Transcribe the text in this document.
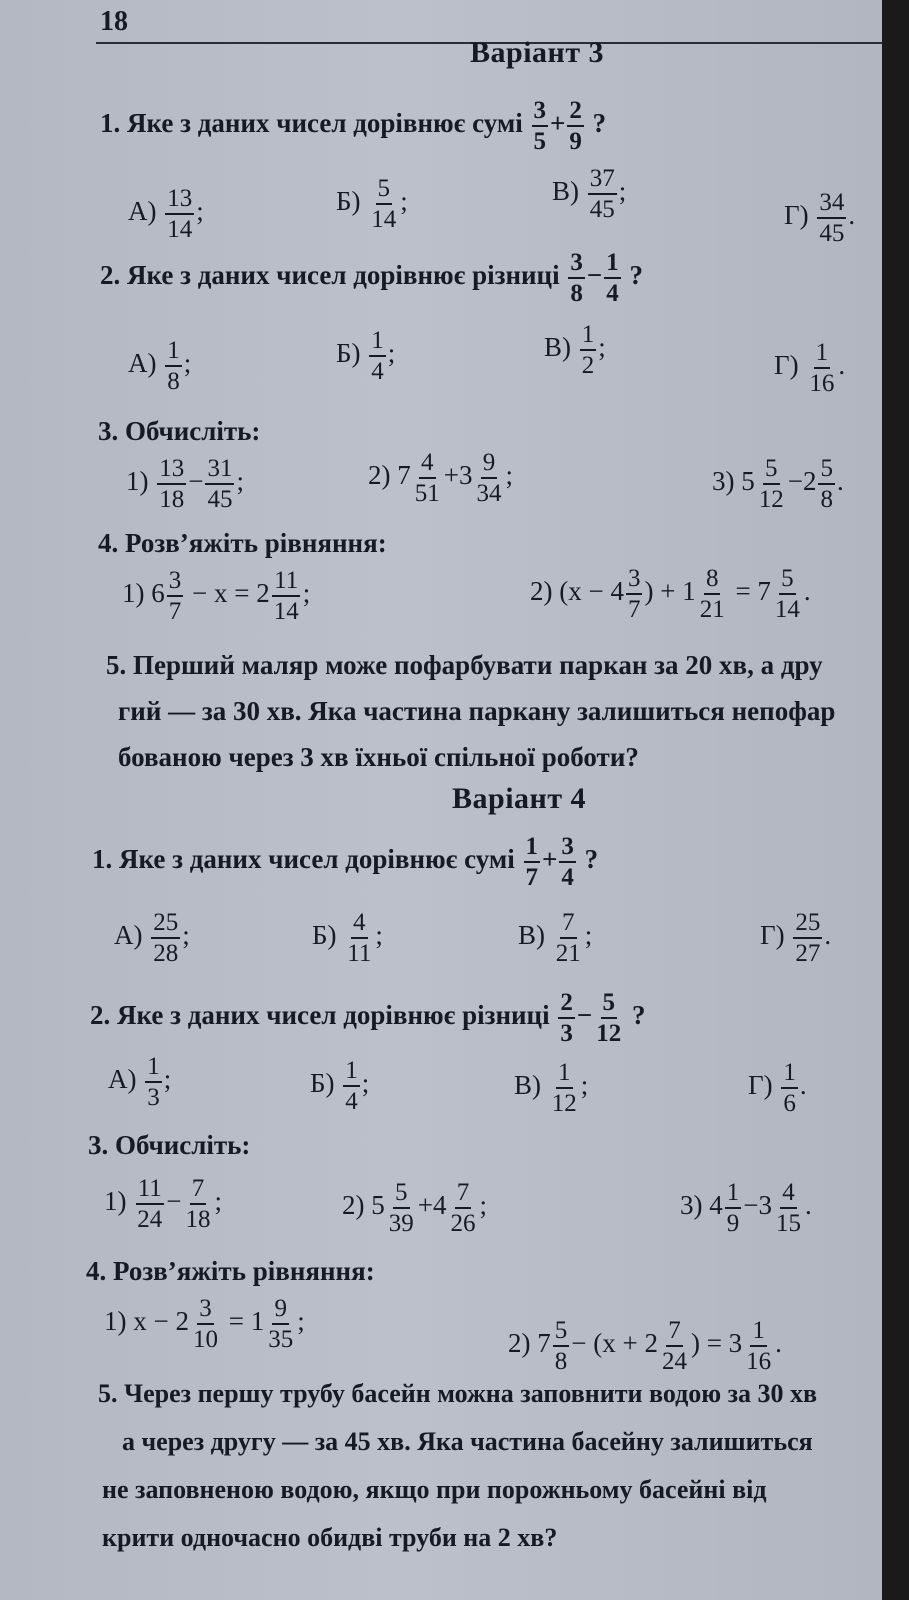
18
Варіант 3
1. Яке з даних чисел дорівнює сумі $\frac{3}{5} + \frac{2}{9}$ ?
$А) \frac{13}{14}$ ;	$Б) \frac{5}{14}$ ;	$В) \frac{37}{45}$ ;
$Г) \frac{34}{45}$ .
2. Яке з даних чисел дорівнює різниці $\frac{3}{8} - \frac{1}{4}$ ?
$А) \frac{1}{8}$ ;	$Б) \frac{1}{4}$ ;	$В) \frac{1}{2}$ ;
$Г) \frac{1}{16}$ .
3. Обчисліть:
$1) \frac{13}{18} - \frac{31}{45}$ ;	2) $7 \frac{4}{51} +3 \frac{9}{34}$ ;	3) $5 \frac{5}{12} -2 \frac{5}{8}$ .
4. Розв’яжіть рівняння:
1) $6 \frac{3}{7} - x = 2 \frac{11}{14}$ ;	2) ($x - 4 \frac{3}{7}$ ) + $1 \frac{8}{21} = 7 \frac{5}{14}$ .
5. Перший маляр може пофарбувати паркан за 20 хв, а дру
гий — за 30 хв. Яка частина паркану залишиться непофар
бованою через 3 хв їхньої спільної роботи?
Варіант 4
1. Яке з даних чисел дорівнює сумі $\frac{1}{7} + \frac{3}{4}$ ?
$А) \frac{25}{28}$ ;	$Б) \frac{4}{11}$ ;	$В) \frac{7}{21}$ ;	$Г) \frac{25}{27}$ .
2. Яке з даних чисел дорівнює різниці $\frac{2}{3} - \frac{5}{12}$ ?
$А) \frac{1}{3}$ ;	$Б) \frac{1}{4}$ ;	$В) \frac{1}{12}$ ;	$Г) \frac{1}{6}$ .
3. Обчисліть:
$1) \frac{11}{24} - \frac{7}{18}$ ;	2) $5 \frac{5}{39} +4 \frac{7}{26}$ ;	3) $4 \frac{1}{9} -3 \frac{4}{15}$ .
4. Розв’яжіть рівняння:
1) $x - 2 \frac{3}{10} = 1 \frac{9}{35}$ ;
2) $7 \frac{5}{8} - (x + 2 \frac{7}{24}$ ) = $3 \frac{1}{16}$ .
5. Через першу трубу басейн можна заповнити водою за 30 хв
а через другу — за 45 хв. Яка частина басейну залишиться
не заповненою водою, якщо при порожньому басейні від
крити одночасно обидві труби на 2 хв?
